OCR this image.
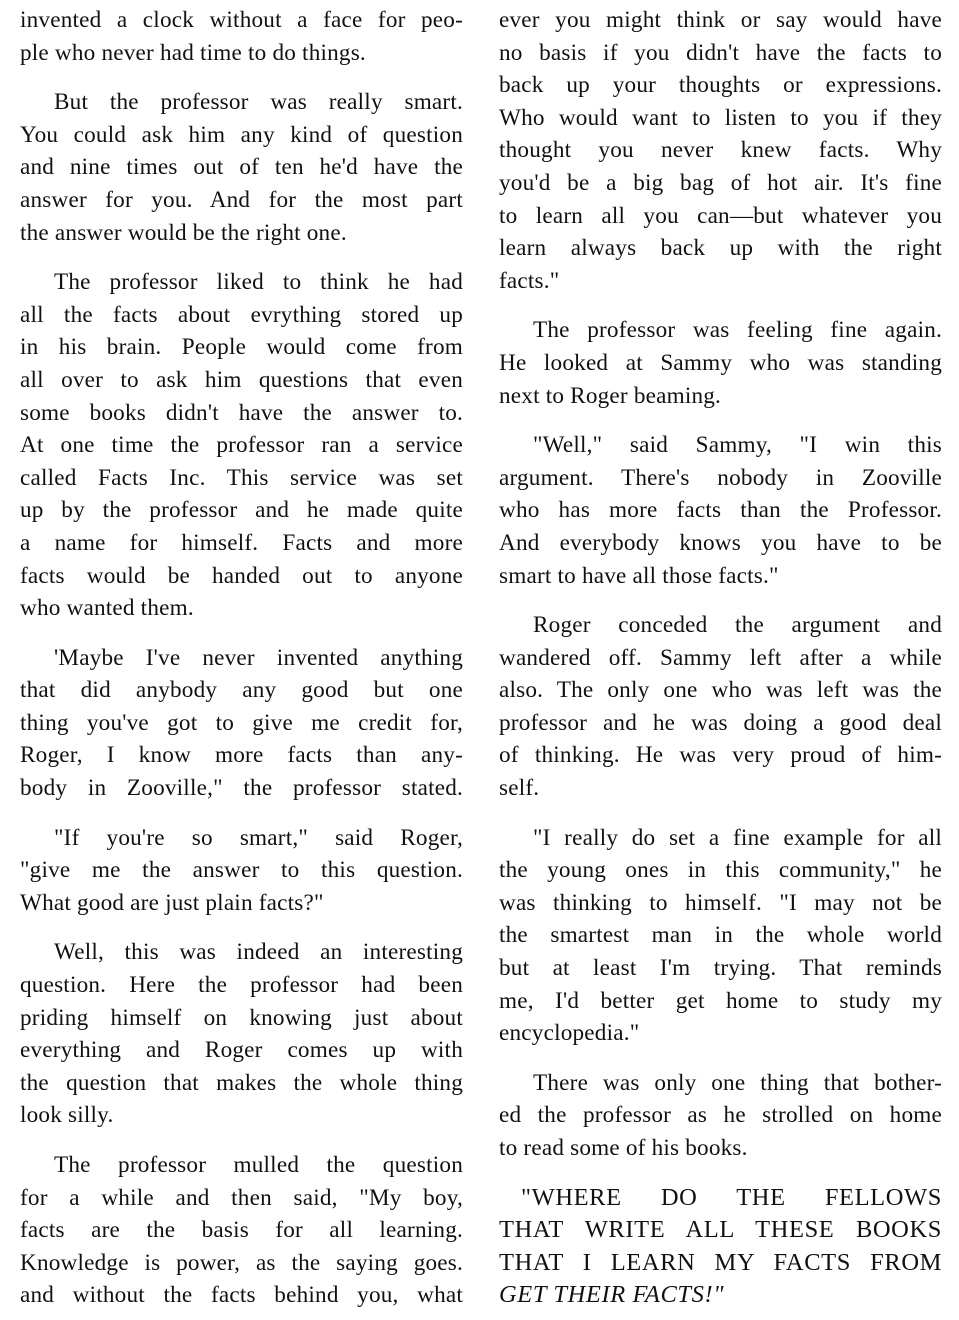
invented a clock without a face for peo-
ple who never had time to do things.

But the professor was really smart.
You could ask him any kind of question
and nine times out of ten he'd have the
answer for you. And for the most part
the answer would be the right one.

The professor liked to think he had
all the facts about evrything stored up
in his brain. People would come from
all over to ask him questions that even
some books didn't have the answer to.
At one time the professor ran a service
called Facts Inc. This service was set
up by the professor and he made quite
a name for himself. Facts and more
facts would be handed out to anyone
who wanted them.

'Maybe I've never invented anything
that did anybody any good but one
thing you've got to give me credit for,
Roger, I know more facts than any-
body in Zooville," the professor stated.

"If you're so smart," said Roger,
"give me the answer to this question.
What good are just plain facts?"

Well, this was indeed an interesting
question. Here the professor had been
priding himself on knowing just about
everything and Roger comes up with
the question that makes the whole thing
look silly.

The professor mulled the question
for a while and then said, "My boy,
facts are the basis for all learning.
Knowledge is power, as the saying goes.
and without the facts behind you, what

ever you might think or say would have
no basis if you didn't have the facts to
back up your thoughts or expressions.
Who would want to listen to you if they
thought you never knew facts. Why
you'd be a big bag of hot air. It's fine
to learn all you can—but whatever you
learn always back up with the right
facts."

The professor was feeling fine again.
He looked at Sammy who was standing
next to Roger beaming.

"Well," said Sammy, "I win this
argument. There's nobody in Zooville
who has more facts than the Professor.
And everybody knows you have to be
smart to have all those facts."

Roger conceded the argument and
wandered off. Sammy left after a while
also. The only one who was left was the
professor and he was doing a good deal
of thinking. He was very proud of him-
self.

"I really do set a fine example for all
the young ones in this community," he
was thinking to himself. "I may not be
the smartest man in the whole world
but at least I'm trying. That reminds
me, I'd better get home to study my
encyclopedia."

There was only one thing that bother-
ed the professor as he strolled on home
to read some of his books.

"WHERE DO THE FELLOWS
THAT WRITE ALL THESE BOOKS
THAT I LEARN MY FACTS FROM
GET THEIR FACTS!"
